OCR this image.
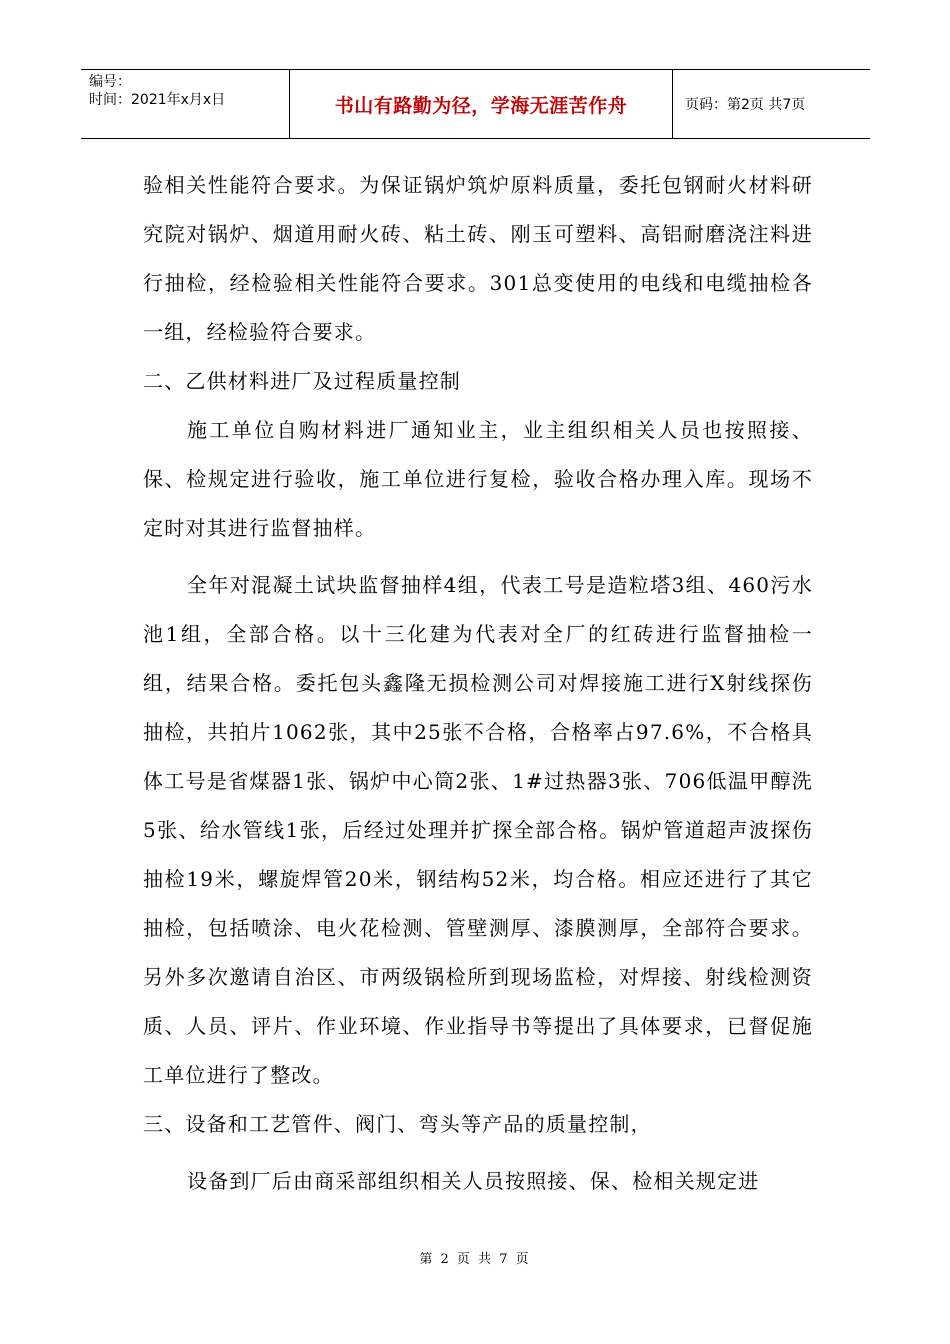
编号：
时间：2021年x月x日	书山有路勤为径，学海无涯苦作舟	页码：第2页 共7页

验相关性能符合要求。为保证锅炉筑炉原料质量，委托包钢耐火材料研究院对锅炉、烟道用耐火砖、粘土砖、刚玉可塑料、高铝耐磨浇注料进行抽检，经检验相关性能符合要求。301总变使用的电线和电缆抽检各一组，经检验符合要求。

二、乙供材料进厂及过程质量控制

施工单位自购材料进厂通知业主，业主组织相关人员也按照接、保、检规定进行验收，施工单位进行复检，验收合格办理入库。现场不定时对其进行监督抽样。

全年对混凝土试块监督抽样4组，代表工号是造粒塔3组、460污水池1组，全部合格。以十三化建为代表对全厂的红砖进行监督抽检一组，结果合格。委托包头鑫隆无损检测公司对焊接施工进行X射线探伤抽检，共拍片1062张，其中25张不合格，合格率占97.6%，不合格具体工号是省煤器1张、锅炉中心筒2张、1#过热器3张、706低温甲醇洗5张、给水管线1张，后经过处理并扩探全部合格。锅炉管道超声波探伤抽检19米，螺旋焊管20米，钢结构52米，均合格。相应还进行了其它抽检，包括喷涂、电火花检测、管壁测厚、漆膜测厚，全部符合要求。另外多次邀请自治区、市两级锅检所到现场监检，对焊接、射线检测资质、人员、评片、作业环境、作业指导书等提出了具体要求，已督促施工单位进行了整改。

三、设备和工艺管件、阀门、弯头等产品的质量控制，

设备到厂后由商采部组织相关人员按照接、保、检相关规定进

第 2 页 共 7 页
